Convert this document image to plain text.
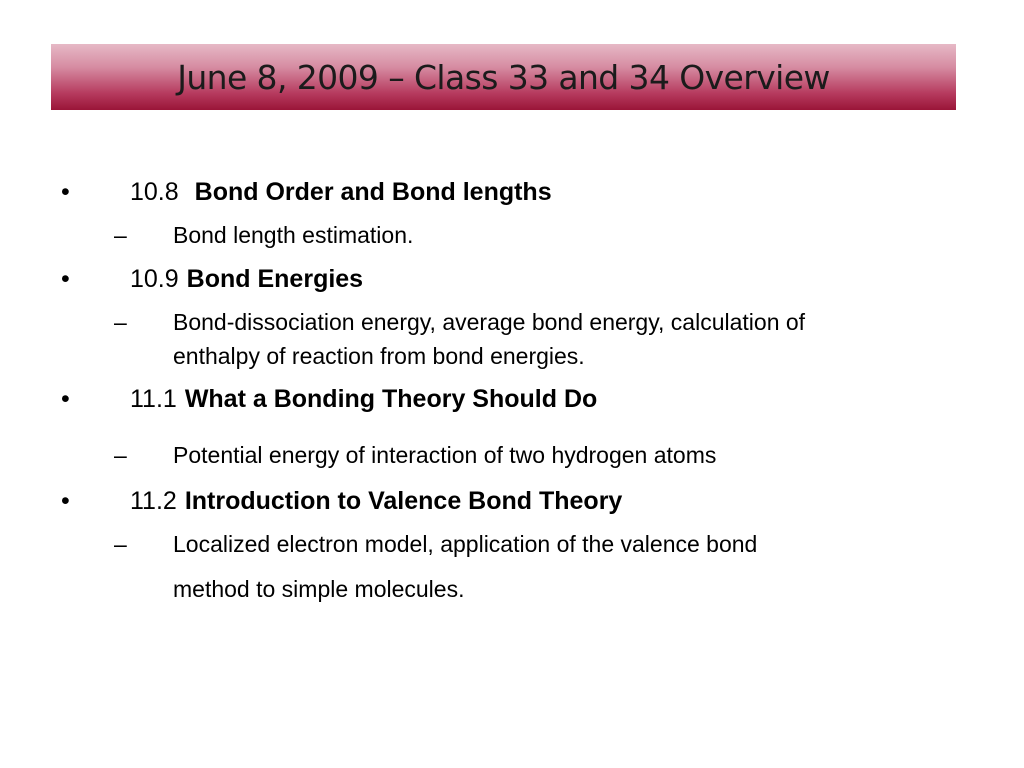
June 8, 2009 – Class 33 and 34 Overview
• 10.8 Bond Order and Bond lengths
– Bond length estimation.
• 10.9 Bond Energies
– Bond-dissociation energy, average bond energy, calculation of
enthalpy of reaction from bond energies.
• 11.1 What a Bonding Theory Should Do
– Potential energy of interaction of two hydrogen atoms
• 11.2 Introduction to Valence Bond Theory
– Localized electron model, application of the valence bond
method to simple molecules.
